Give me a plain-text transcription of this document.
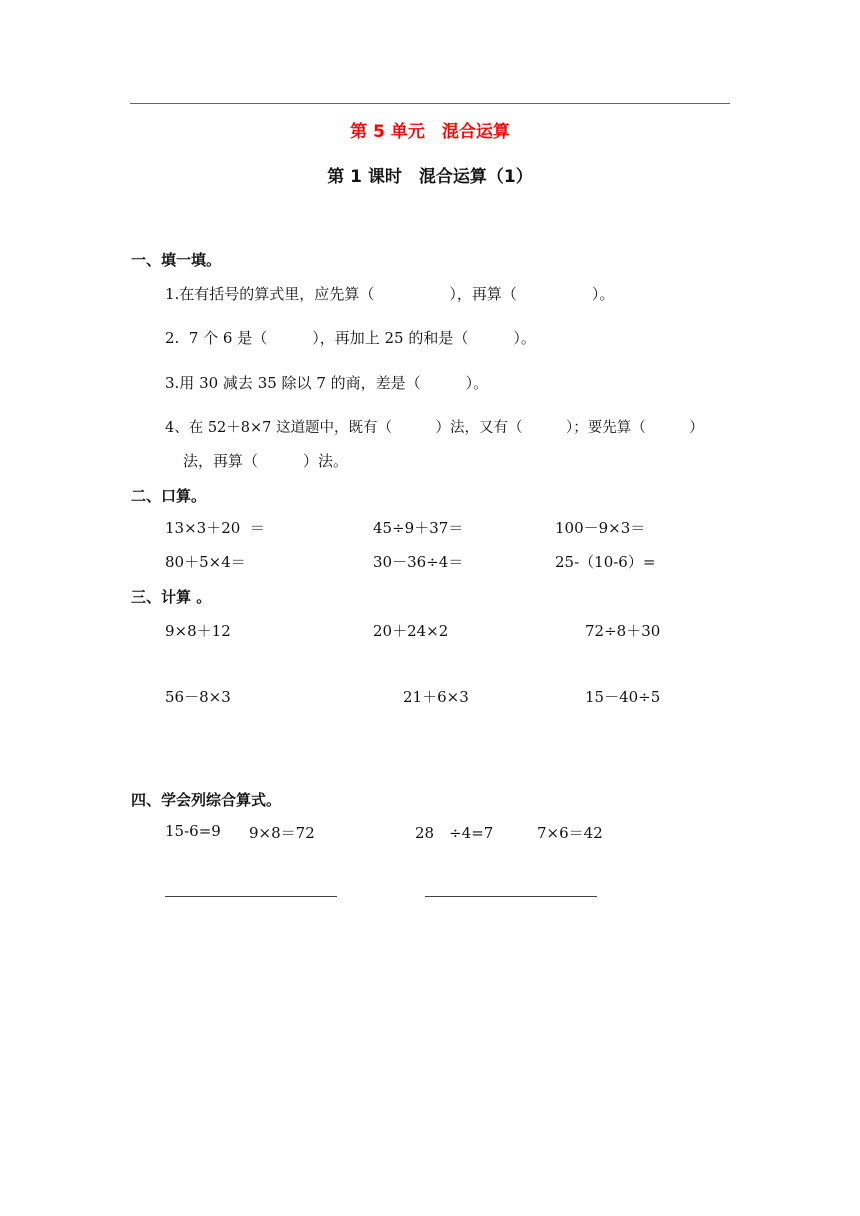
第 5 单元　混合运算
第 1 课时　混合运算（1）
一、填一填。
1.在有括号的算式里，应先算（　　　　　），再算（　　　　　）。
2.  7 个 6 是（　　　），再加上 25 的和是（　　　）。
3.用 30 减去 35 除以 7 的商，差是（　　　）。
4、在 52＋8×7 这道题中，既有（　　　）法，又有（　　　）；要先算（　　　）
法，再算（　　　）法。
二、口算。
13×3＋20  ＝	45÷9＋37＝	100－9×3＝
80＋5×4＝	30－36÷4＝	25-（10-6）=
三、计算 。
9×8＋12	20＋24×2	72÷8＋30
56－8×3	21＋6×3	15－40÷5
四、学会列综合算式。
15-6=9 9×8＝72	28　÷4=7	7×6＝42
